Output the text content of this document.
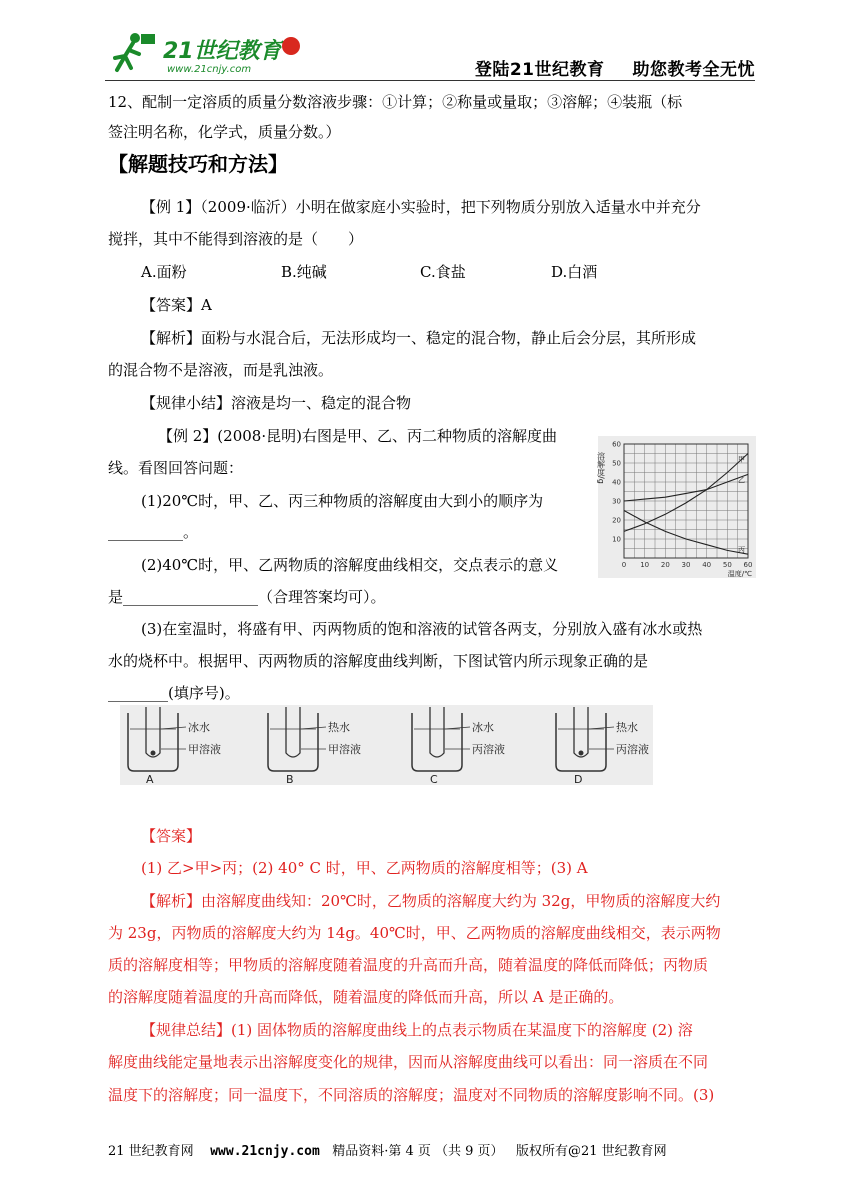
21世纪教育
www.21cnjy.com	登陆21世纪教育 助您教考全无忧
12、配制一定溶质的质量分数溶液步骤：①计算；②称量或量取；③溶解；④装瓶（标
签注明名称，化学式，质量分数。）
【解题技巧和方法】
【例 1】（2009·临沂）小明在做家庭小实验时，把下列物质分别放入适量水中并充分
搅拌，其中不能得到溶液的是（　　）
A.面粉	B.纯碱	C.食盐	D.白酒
【答案】A
【解析】面粉与水混合后，无法形成均一、稳定的混合物，静止后会分层，其所形成
的混合物不是溶液，而是乳浊液。
【规律小结】溶液是均一、稳定的混合物
【例 2】(2008·昆明)右图是甲、乙、丙二种物质的溶解度曲
线。看图回答问题：
(1)20℃时，甲、乙、丙三种物质的溶解度由大到小的顺序为
__________。
(2)40℃时，甲、乙两物质的溶解度曲线相交，交点表示的意义
是__________________（合理答案均可）。
(3)在室温时，将盛有甲、丙两物质的饱和溶液的试管各两支，分别放入盛有冰水或热
水的烧杯中。根据甲、丙两物质的溶解度曲线判断，下图试管内所示现象正确的是
________(填序号)。
0 10 20 30 40 50 60
10
20
30
40
50
60
溶解度/g
温度/℃
甲
乙
丙
冰水
甲溶液
A
热水
甲溶液
B
冰水
丙溶液
C
热水
丙溶液
D
【答案】
(1) 乙>甲>丙；(2) 40° C 时，甲、乙两物质的溶解度相等；(3) A
【解析】由溶解度曲线知：20℃时，乙物质的溶解度大约为 32g，甲物质的溶解度大约
为 23g，丙物质的溶解度大约为 14g。40℃时，甲、乙两物质的溶解度曲线相交，表示两物
质的溶解度相等；甲物质的溶解度随着温度的升高而升高，随着温度的降低而降低；丙物质
的溶解度随着温度的升高而降低，随着温度的降低而升高，所以 A 是正确的。
【规律总结】(1) 固体物质的溶解度曲线上的点表示物质在某温度下的溶解度 (2) 溶
解度曲线能定量地表示出溶解度变化的规律，因而从溶解度曲线可以看出：同一溶质在不同
温度下的溶解度；同一温度下，不同溶质的溶解度；温度对不同物质的溶解度影响不同。(3)
21 世纪教育网 www.21cnjy.com 精品资料·第 4 页 （共 9 页） 版权所有@21 世纪教育网
